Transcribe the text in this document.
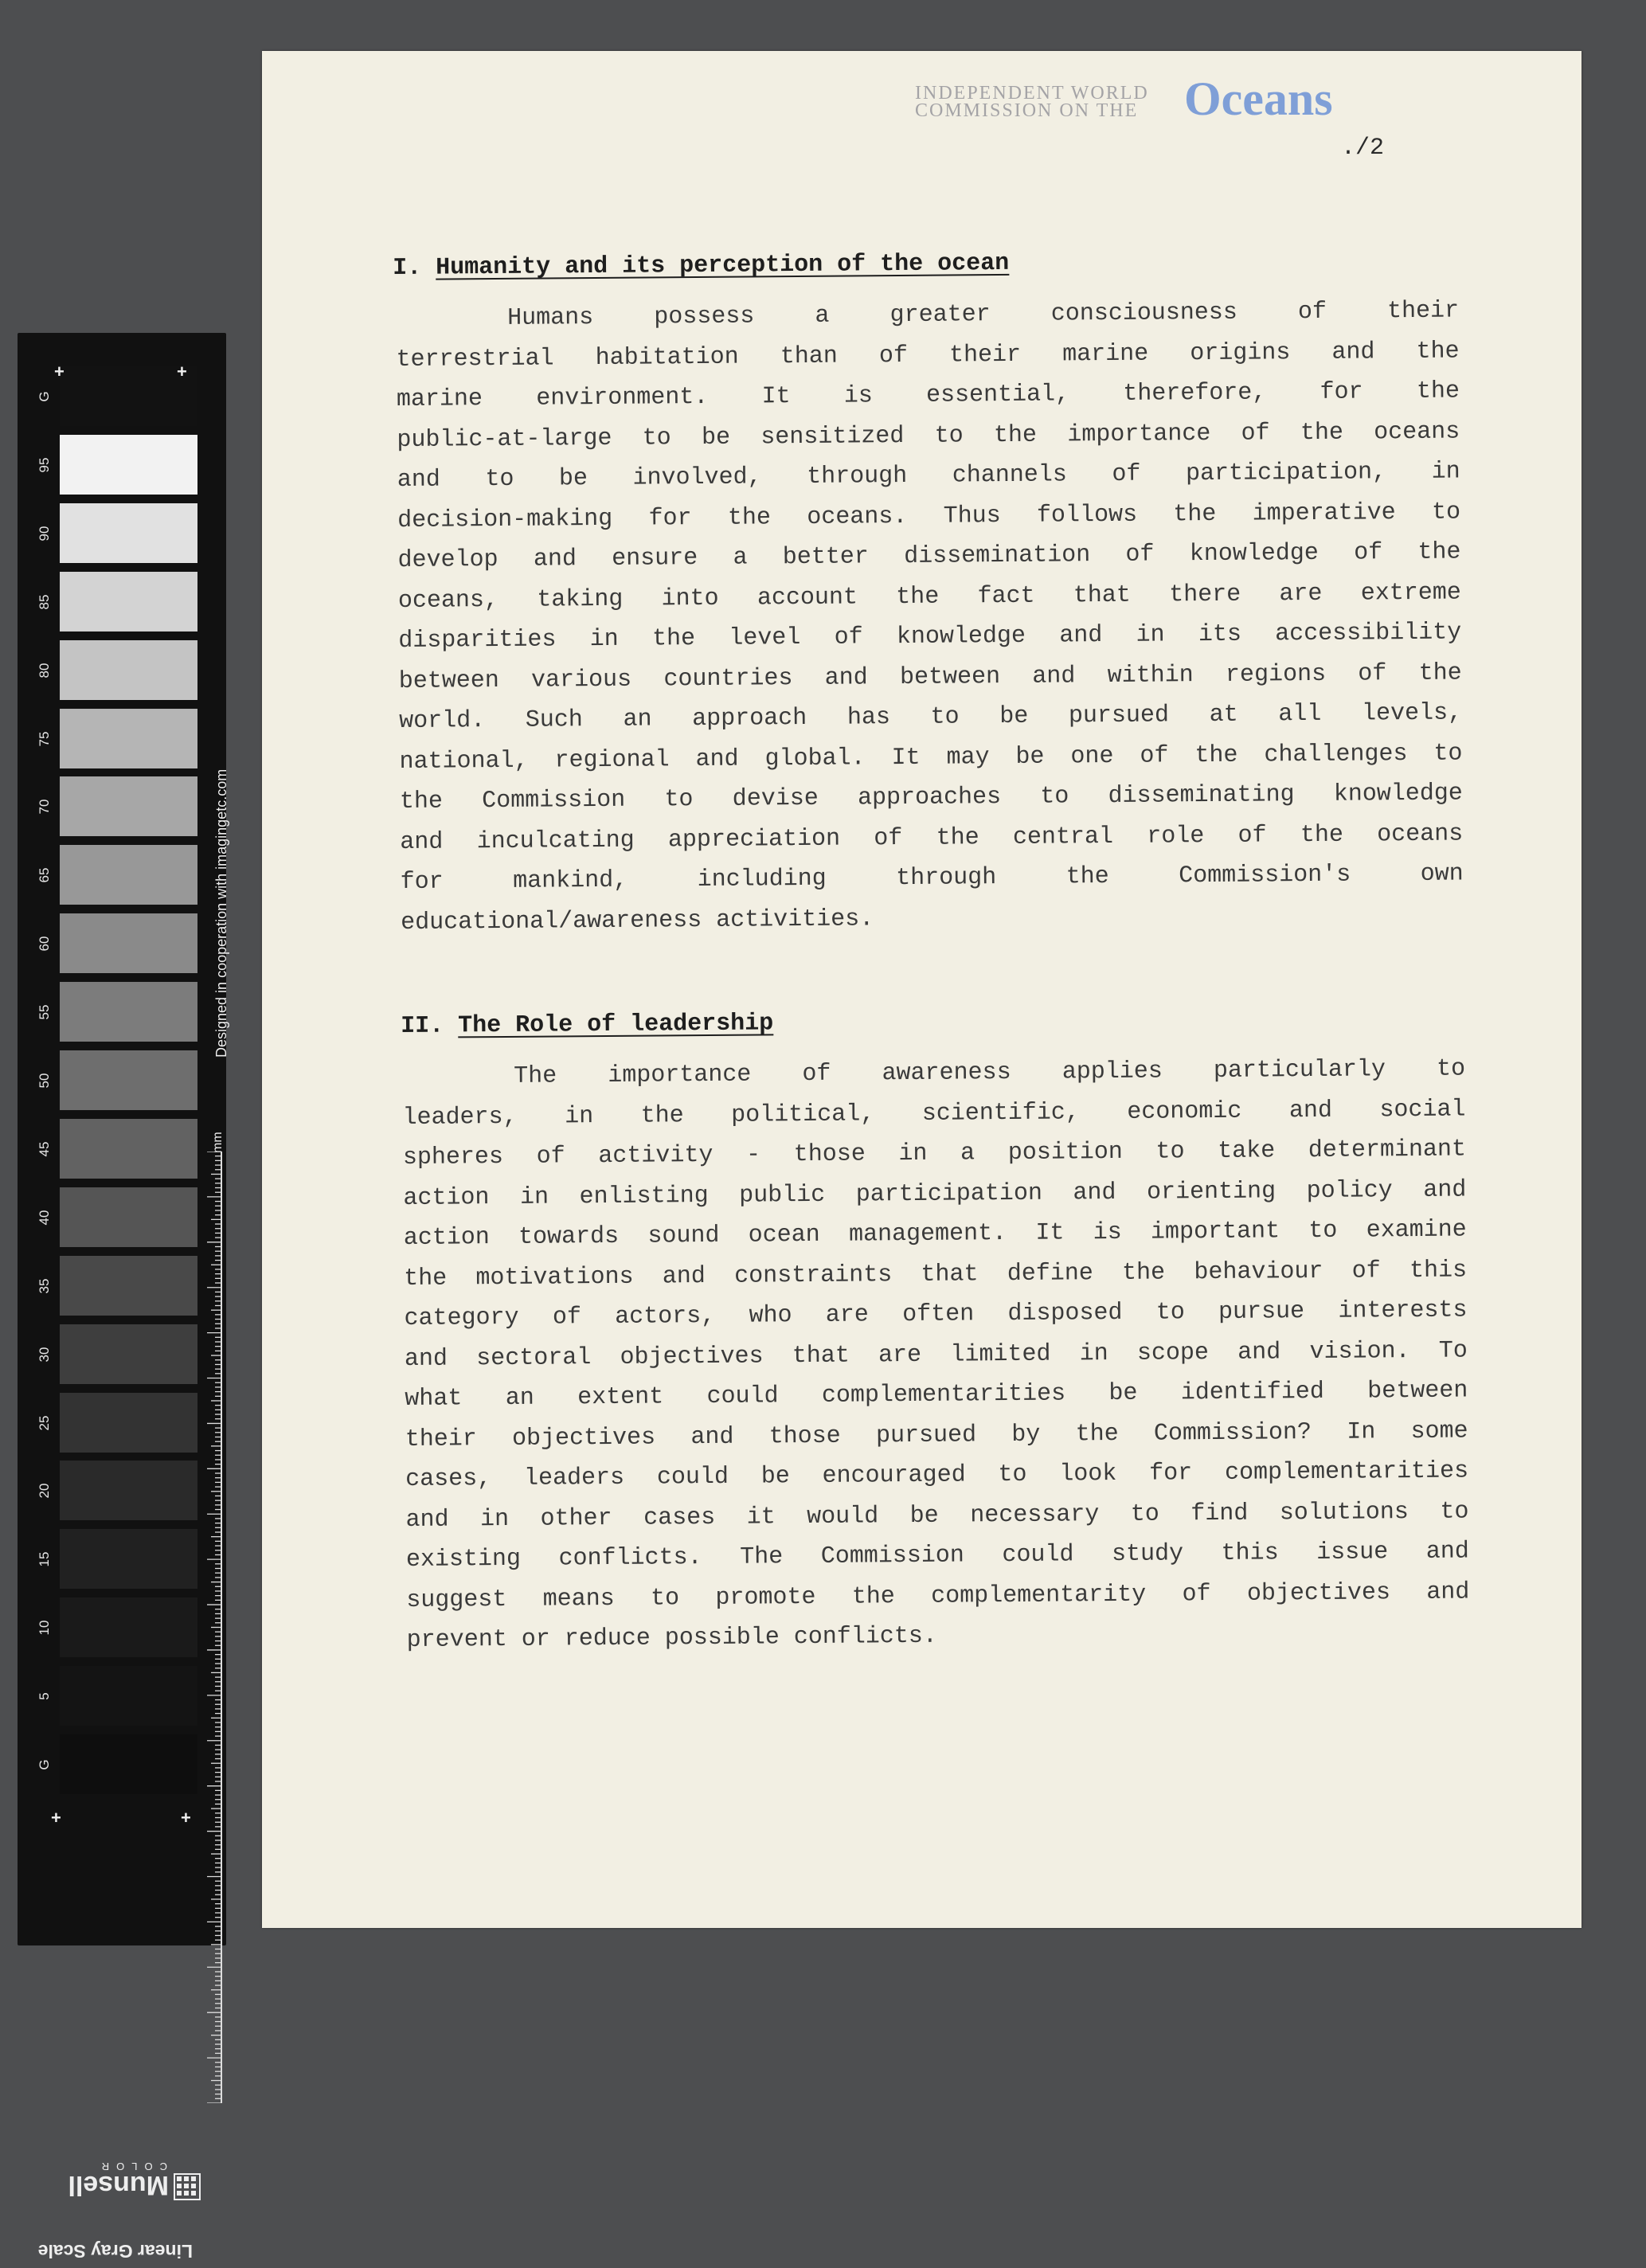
G
95
90
85
80
75
70
65
60
55
50
45
40
35
30
25
20
15
10
5
G
+	+
+	+
Designed in cooperation with imagingetc.com
mm
Linear Gray Scale
Munsell
COLOR
INDEPENDENT WORLD
COMMISSION ON THE Oceans
./2
I. Humanity and its perception of the ocean
Humans	possess	a	greater	consciousness	of	their
terrestrial habitation than of their marine origins and the
marine environment. It is essential, therefore, for the
public-at-large to be sensitized to the importance of the oceans
and to be involved, through channels of participation, in
decision-making for the oceans. Thus follows the imperative to
develop and ensure a better dissemination of knowledge of the
oceans, taking into account the fact that there are extreme
disparities in the level of knowledge and in its accessibility
between various countries and between and within regions of the
world. Such an approach has to be pursued at all levels,
national, regional and global. It may be one of the challenges to
the Commission to devise approaches to disseminating knowledge
and inculcating appreciation of the central role of the oceans
for	mankind,	including	through	the	Commission's	own
educational/awareness activities.
II. The Role of leadership
The importance of awareness applies particularly to
leaders, in the political, scientific, economic and social
spheres of activity - those in a position to take determinant
action in enlisting public participation and orienting policy and
action towards sound ocean management. It is important to examine
the motivations and constraints that define the behaviour of this
category of actors, who are often disposed to pursue interests
and sectoral objectives that are limited in scope and vision. To
what an extent could complementarities be identified between
their objectives and those pursued by the Commission? In some
cases, leaders could be encouraged to look for complementarities
and in other cases it would be necessary to find solutions to
existing conflicts. The Commission could study this issue and
suggest means to promote the complementarity of objectives and
prevent or reduce possible conflicts.
